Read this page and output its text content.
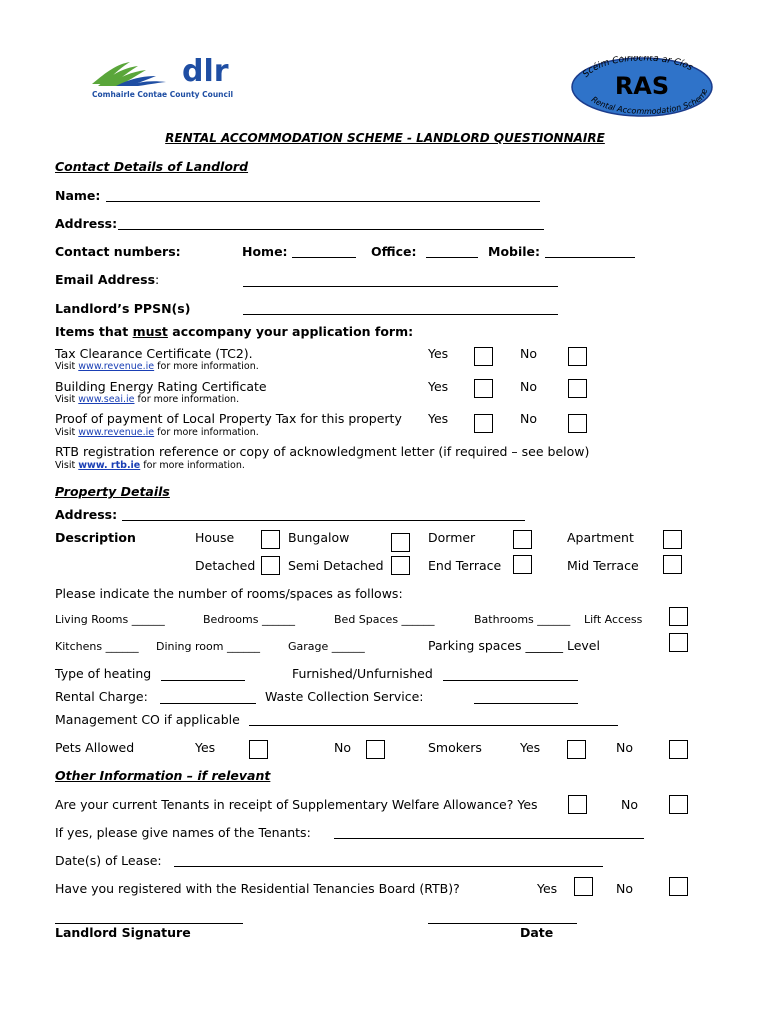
dlr
Comhairle Contae County Council
Scéim Cóirlochta ar Cíos
Rental Accommodation Scheme
RAS
RENTAL ACCOMMODATION SCHEME - LANDLORD QUESTIONNAIRE
Contact Details of Landlord
Name:
Address:
Contact numbers:	Home:	Office:	Mobile:
Email Address:
Landlord’s PPSN(s)
Items that must accompany your application form:
Tax Clearance Certificate (TC2).
Visit www.revenue.ie for more information.
Yes	No
Building Energy Rating Certificate
Visit www.seai.ie for more information.
Yes	No
Proof of payment of Local Property Tax for this property
Visit www.revenue.ie for more information.
Yes	No
RTB registration reference or copy of acknowledgment letter (if required – see below)
Visit www. rtb.ie for more information.
Property Details
Address:
Description	House	Bungalow	Dormer	Apartment
Detached	Semi Detached	End Terrace	Mid Terrace
Please indicate the number of rooms/spaces as follows:
Living Rooms ______	Bedrooms ______	Bed Spaces ______	Bathrooms ______ Lift Access
Kitchens ______ Dining room ______	Garage ______	Parking spaces ______ Level
Type of heating	Furnished/Unfurnished
Rental Charge:	Waste Collection Service:
Management CO if applicable
Pets Allowed	Yes	No	Smokers	Yes	No
Other Information – if relevant
Are your current Tenants in receipt of Supplementary Welfare Allowance? Yes	No
If yes, please give names of the Tenants:
Date(s) of Lease:
Have you registered with the Residential Tenancies Board (RTB)?	Yes	No
Landlord Signature	Date
